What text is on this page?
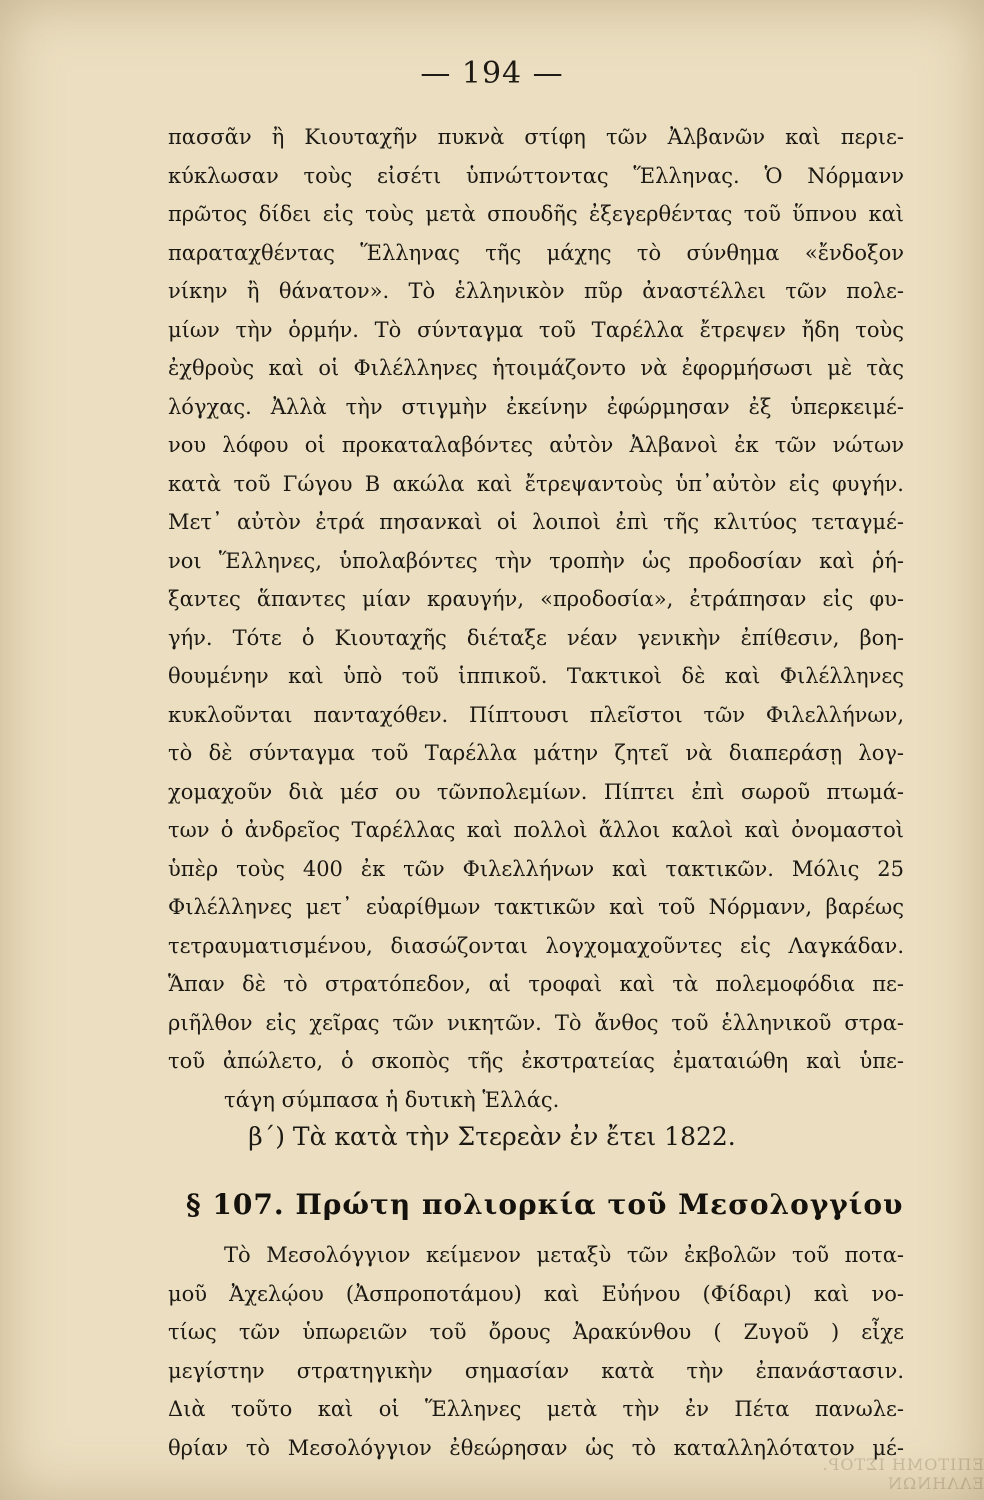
— 194 —
πασσᾶν ἢ Κιουταχῆν πυκνὰ στίφη τῶν Ἀλβανῶν καὶ περιε-
κύκλωσαν τοὺς εἰσέτι ὑπνώττοντας Ἕλληνας. Ὁ Νόρμανν
πρῶτος δίδει εἰς τοὺς μετὰ σπουδῆς ἐξεγερθέντας τοῦ ὕπνου καὶ
παραταχθέντας Ἕλληνας τῆς μάχης τὸ σύνθημα «ἔνδοξον
νίκην ἢ θάνατον». Τὸ ἑλληνικὸν πῦρ ἀναστέλλει τῶν πολε-
μίων τὴν ὁρμήν. Τὸ σύνταγμα τοῦ Ταρέλλα ἔτρεψεν ἤδη τοὺς
ἐχθροὺς καὶ οἱ Φιλέλληνες ἡτοιμάζοντο νὰ ἐφορμήσωσι μὲ τὰς
λόγχας. Ἀλλὰ τὴν στιγμὴν ἐκείνην ἐφώρμησαν ἐξ ὑπερκειμέ-
νου λόφου οἱ προκαταλαβόντες αὐτὸν Ἀλβανοὶ ἐκ τῶν νώτων
κατὰ τοῦ Γώγου Β ακώλα καὶ ἔτρεψαντοὺς ὑπ᾽αὐτὸν εἰς φυγήν.
Μετ᾽ αὐτὸν ἐτρά πησανκαὶ οἱ λοιποὶ ἐπὶ τῆς κλιτύος τεταγμέ-
νοι Ἕλληνες, ὑπολαβόντες τὴν τροπὴν ὡς προδοσίαν καὶ ῥή-
ξαντες ἅπαντες μίαν κραυγήν, «προδοσία», ἐτράπησαν εἰς φυ-
γήν. Τότε ὁ Κιουταχῆς διέταξε νέαν γενικὴν ἐπίθεσιν, βοη-
θουμένην καὶ ὑπὸ τοῦ ἱππικοῦ. Τακτικοὶ δὲ καὶ Φιλέλληνες
κυκλοῦνται πανταχόθεν. Πίπτουσι πλεῖστοι τῶν Φιλελλήνων,
τὸ δὲ σύνταγμα τοῦ Ταρέλλα μάτην ζητεῖ νὰ διαπεράσῃ λογ-
χομαχοῦν διὰ μέσ ου τῶνπολεμίων. Πίπτει ἐπὶ σωροῦ πτωμά-
των ὁ ἀνδρεῖος Ταρέλλας καὶ πολλοὶ ἄλλοι καλοὶ καὶ ὀνομαστοὶ
ὑπὲρ τοὺς 400 ἐκ τῶν Φιλελλήνων καὶ τακτικῶν. Μόλις 25
Φιλέλληνες μετ᾽ εὐαρίθμων τακτικῶν καὶ τοῦ Νόρμανν, βαρέως
τετραυματισμένου, διασώζονται λογχομαχοῦντες εἰς Λαγκάδαν.
Ἅπαν δὲ τὸ στρατόπεδον, αἱ τροφαὶ καὶ τὰ πολεμοφόδια πε-
ριῆλθον εἰς χεῖρας τῶν νικητῶν. Τὸ ἄνθος τοῦ ἑλληνικοῦ στρα-
τοῦ ἀπώλετο, ὁ σκοπὸς τῆς ἐκστρατείας ἐματαιώθη καὶ ὑπε-
τάγη σύμπασα ἡ δυτικὴ Ἑλλάς.
β΄) Τὰ κατὰ τὴν Στερεὰν ἐν ἔτει 1822.
§ 107. Πρώτη πολιορκία τοῦ Μεσολογγίου
Τὸ Μεσολόγγιον κείμενον μεταξὺ τῶν ἐκβολῶν τοῦ ποτα-
μοῦ Ἀχελῴου (Ἀσπροποτάμου) καὶ Εὐήνου (Φίδαρι) καὶ νο-
τίως τῶν ὑπωρειῶν τοῦ ὄρους Ἀρακύνθου ( Ζυγοῦ ) εἶχε
μεγίστην στρατηγικὴν σημασίαν κατὰ τὴν ἐπανάστασιν.
Διὰ τοῦτο καὶ οἱ Ἕλληνες μετὰ τὴν ἐν Πέτα πανωλε-
θρίαν τὸ Μεσολόγγιον ἐθεώρησαν ὡς τὸ καταλληλότατον μέ-
ΕΠΙΤΟΜΗ ΙΣΤΟΡ. ΕΛΛΗΝΩΝ
